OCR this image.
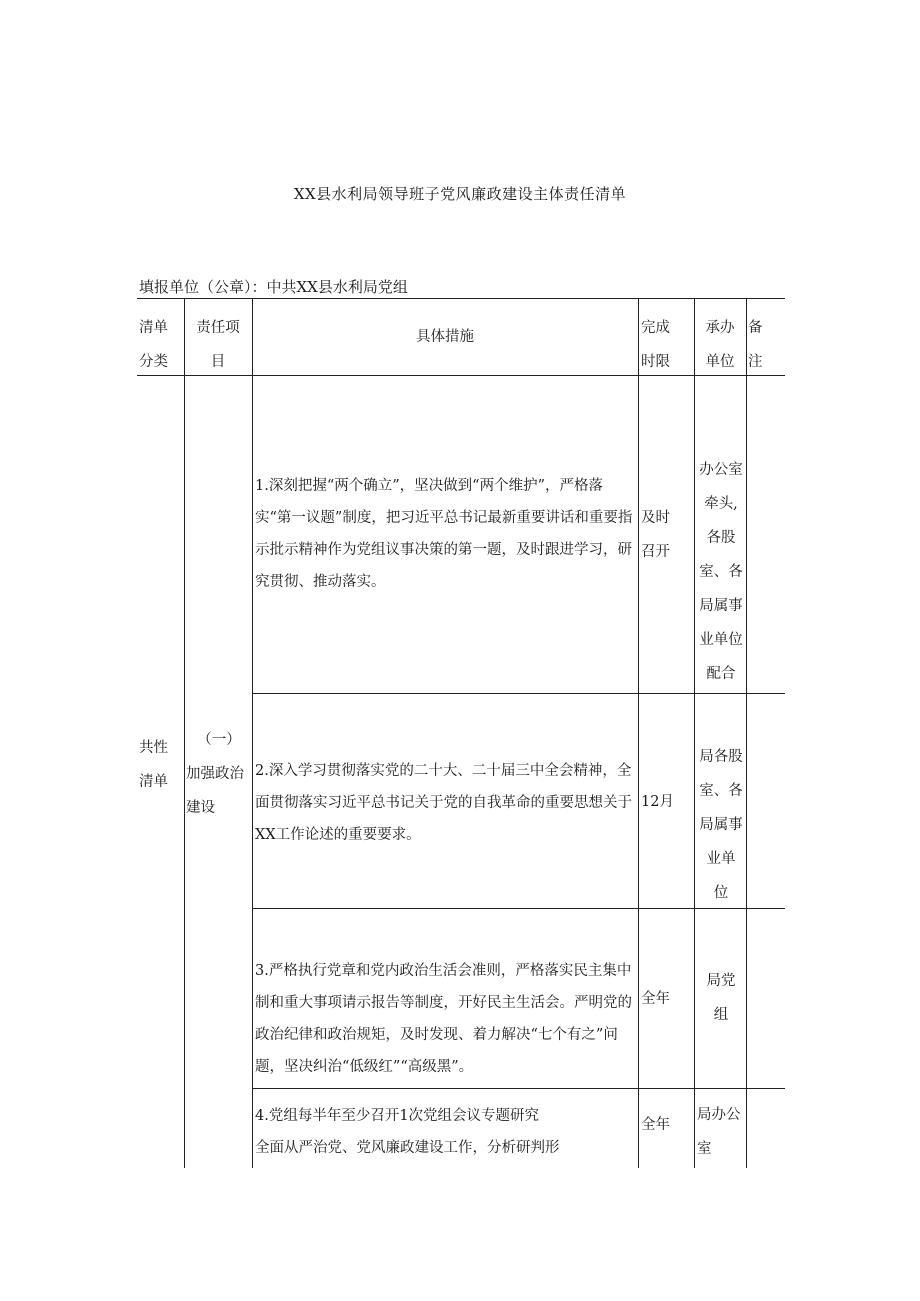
XX县水利局领导班子党风廉政建设主体责任清单
填报单位（公章）：中共XX县水利局党组
清单
分类
责任项
目
具体措施
完成
时限
承办
单位
备
注
共性
清单
（一）
加强政治
建设
1.深刻把握“两个确立”，坚决做到“两个维护”，严格落实“第一议题”制度，把习近平总书记最新重要讲话和重要指示批示精神作为党组议事决策的第一题，及时跟进学习，研究贯彻、推动落实。
及时
召开
办公室
牵头,
各股
室、各
局属事
业单位
配合
2.深入学习贯彻落实党的二十大、二十届三中全会精神，全面贯彻落实习近平总书记关于党的自我革命的重要思想关于XX工作论述的重要要求。
12月
局各股
室、各
局属事
业单
位
3.严格执行党章和党内政治生活会准则，严格落实民主集中制和重大事项请示报告等制度，开好民主生活会。严明党的政治纪律和政治规矩，及时发现、着力解决“七个有之”问题，坚决纠治“低级红”“高级黑”。
全年
局党
组
4.党组每半年至少召开1次党组会议专题研究
全面从严治党、党风廉政建设工作，分析研判形
全年
局办公
室
